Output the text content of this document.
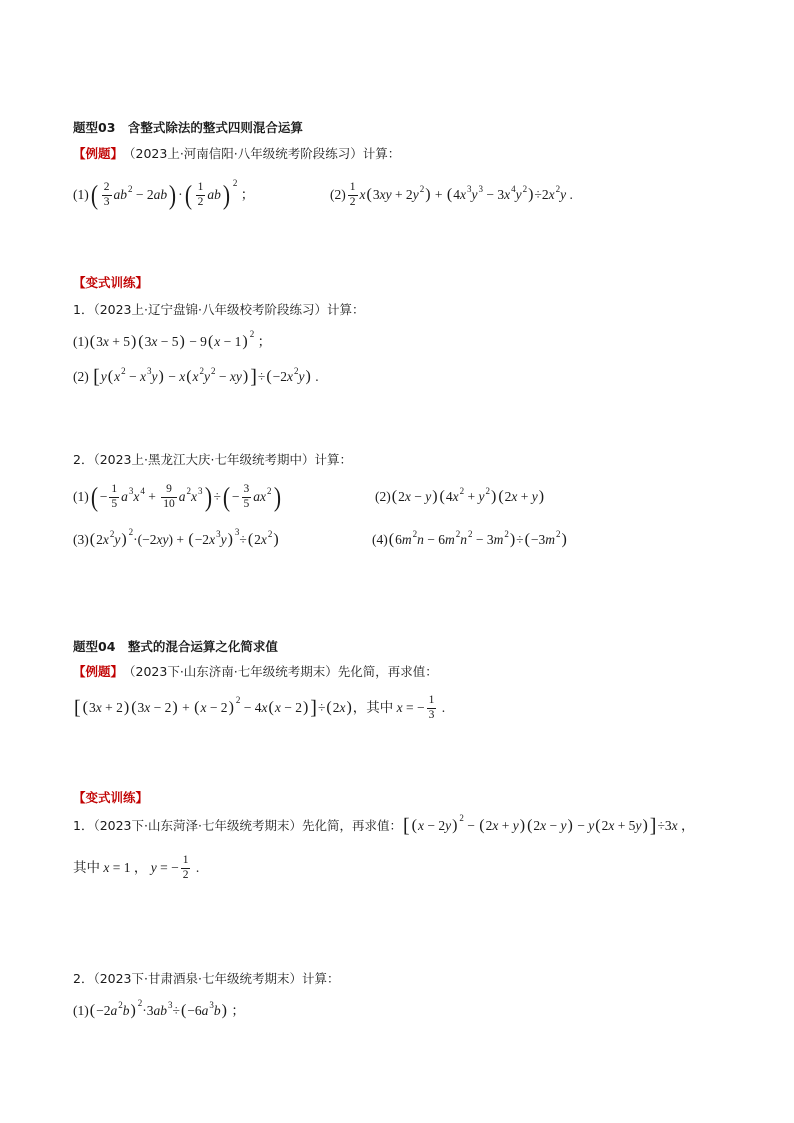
题型03　含整式除法的整式四则混合运算
【例题】 （2023上·河南信阳·八年级统考阶段练习）计算：
(1) ( $\frac{2}{3}$ ab 2 − 2ab ) · ( $\frac{1}{2}$ ab ) 2
；	$(2) \frac{1}{2}$ x ( 3xy + 2y 2 ) + ( 4x 3 y 3 − 3x 4 y 2 ) ÷2x 2 y .
【变式训练】
1．（2023上·辽宁盘锦·八年级校考阶段练习）计算：
(1) ( 3x + 5 ) ( 3x − 5 ) − 9 ( x − 1 ) 2
；
(2) [ y ( x 2 − x 3 y ) − x ( x 2 y 2 − xy ) ] ÷ ( −2x 2 y ) .
2．（2023上·黑龙江大庆·七年级统考期中）计算：
(1) ( − $\frac{1}{5}$ a 3 x $4 + \frac{9}{10}$ a 2 x 3 ) ÷ ( − $\frac{3}{5}$ ax 2 )	(2) ( 2x − y ) ( 4x 2 + y 2 ) ( 2x + y )
(3) ( 2x 2 y ) 2
·(−2xy) + ( −2x 3 y ) 3
÷ ( 2x 2 )	(4) ( 6m 2 n − 6m 2 n 2 − 3m 2 ) ÷ ( −3m 2 )
题型04　整式的混合运算之化简求值
【例题】 （2023下·山东济南·七年级统考期末）先化简，再求值：
[ ( 3x + 2 ) ( 3x − 2 ) + ( x − 2 ) 2
− 4x ( x − 2 ) ] ÷ ( 2x ) ，其中 x = − $\frac{1}{3}$ .
【变式训练】
1．（2023下·山东菏泽·七年级统考期末）先化简，再求值： [ ( x − 2y ) 2
− ( 2x + y ) ( 2x − y ) − y ( 2x + 5y ) ] ÷3x ，
其中 x = 1 ， y = − $\frac{1}{2}$ .
2．（2023下·甘肃酒泉·七年级统考期末）计算：
(1) ( −2a 2 b ) 2
·3ab 3 ÷ ( −6a 3 b ) ；
